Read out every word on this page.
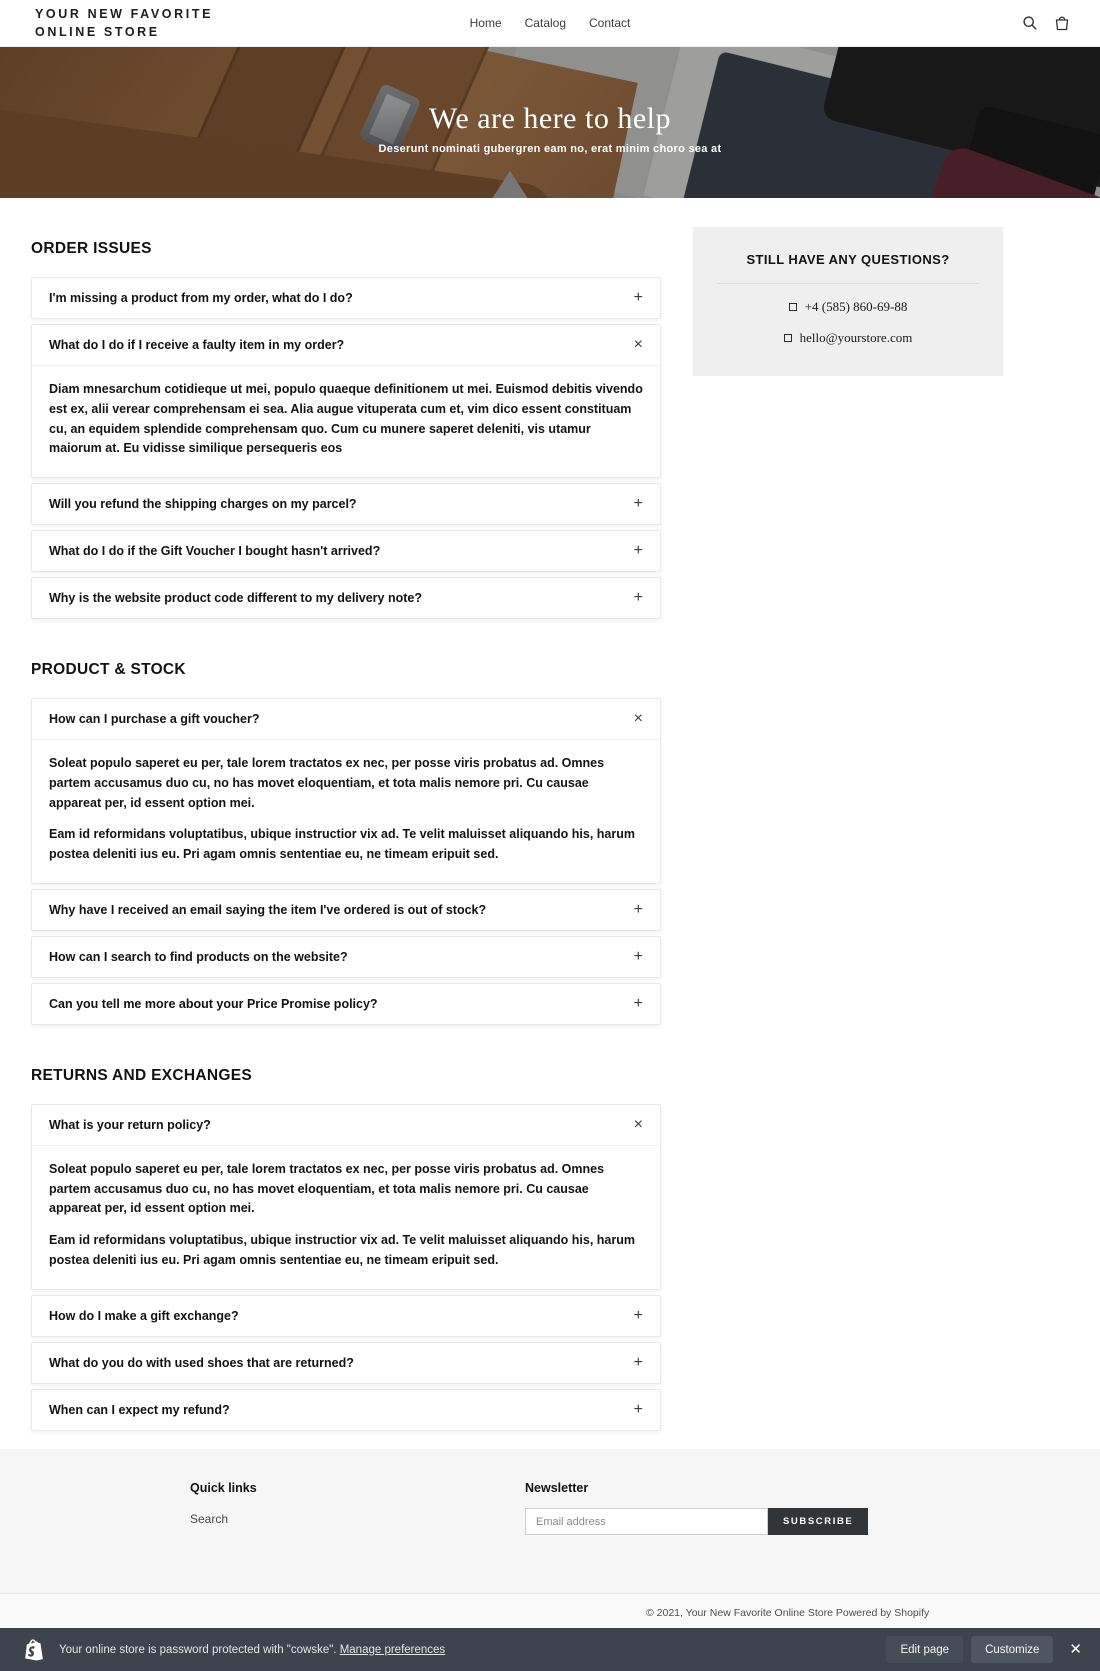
YOUR NEW FAVORITE ONLINE STORE
Home Catalog Contact
We are here to help
Deserunt nominati gubergren eam no, erat minim choro sea at
ORDER ISSUES
I'm missing a product from my order, what do I do?	+
What do I do if I receive a faulty item in my order?	×

Diam mnesarchum cotidieque ut mei, populo quaeque definitionem ut mei. Euismod debitis vivendo est ex, alii verear comprehensam ei sea. Alia augue vituperata cum et, vim dico essent constituam cu, an equidem splendide comprehensam quo. Cum cu munere saperet deleniti, vis utamur maiorum at. Eu vidisse similique persequeris eos

Will you refund the shipping charges on my parcel?	+
What do I do if the Gift Voucher I bought hasn't arrived?	+
Why is the website product code different to my delivery note?	+
PRODUCT & STOCK
How can I purchase a gift voucher?	×

Soleat populo saperet eu per, tale lorem tractatos ex nec, per posse viris probatus ad. Omnes partem accusamus duo cu, no has movet eloquentiam, et tota malis nemore pri. Cu causae appareat per, id essent option mei.

Eam id reformidans voluptatibus, ubique instructior vix ad. Te velit maluisset aliquando his, harum postea deleniti ius eu. Pri agam omnis sententiae eu, ne timeam eripuit sed.

Why have I received an email saying the item I've ordered is out of stock?	+
How can I search to find products on the website?	+
Can you tell me more about your Price Promise policy?	+
RETURNS AND EXCHANGES
What is your return policy?	×

Soleat populo saperet eu per, tale lorem tractatos ex nec, per posse viris probatus ad. Omnes partem accusamus duo cu, no has movet eloquentiam, et tota malis nemore pri. Cu causae appareat per, id essent option mei.

Eam id reformidans voluptatibus, ubique instructior vix ad. Te velit maluisset aliquando his, harum postea deleniti ius eu. Pri agam omnis sententiae eu, ne timeam eripuit sed.

How do I make a gift exchange?	+
What do you do with used shoes that are returned?	+
When can I expect my refund?	+
STILL HAVE ANY QUESTIONS?
+4 (585) 860-69-88
hello@yourstore.com
Quick links
Search
Newsletter
Email address
SUBSCRIBE
© 2021, Your New Favorite Online Store Powered by Shopify
Your online store is password protected with "cowske". Manage preferences	Edit page	Customize	✕
